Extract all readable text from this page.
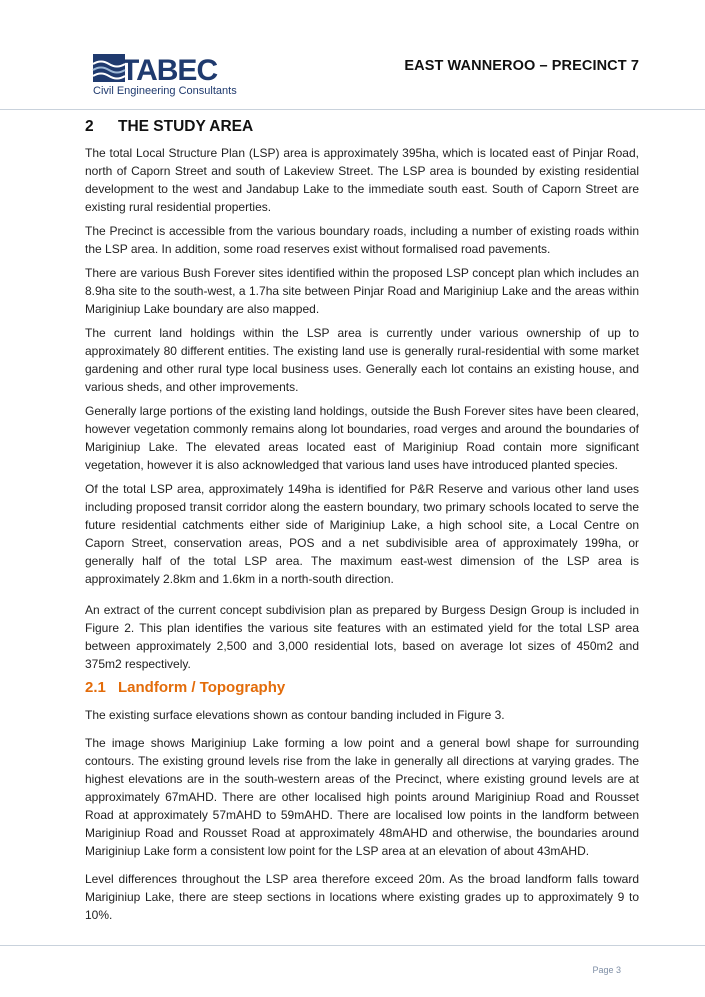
TABEC
Civil Engineering Consultants
EAST WANNEROO – PRECINCT 7
2 THE STUDY AREA

The total Local Structure Plan (LSP) area is approximately 395ha, which is located east of Pinjar Road, north of Caporn Street and south of Lakeview Street. The LSP area is bounded by existing residential development to the west and Jandabup Lake to the immediate south east. South of Caporn Street are existing rural residential properties.

The Precinct is accessible from the various boundary roads, including a number of existing roads within the LSP area. In addition, some road reserves exist without formalised road pavements.

There are various Bush Forever sites identified within the proposed LSP concept plan which includes an 8.9ha site to the south-west, a 1.7ha site between Pinjar Road and Mariginiup Lake and the areas within Mariginiup Lake boundary are also mapped.

The current land holdings within the LSP area is currently under various ownership of up to approximately 80 different entities. The existing land use is generally rural-residential with some market gardening and other rural type local business uses. Generally each lot contains an existing house, and various sheds, and other improvements.

Generally large portions of the existing land holdings, outside the Bush Forever sites have been cleared, however vegetation commonly remains along lot boundaries, road verges and around the boundaries of Mariginiup Lake. The elevated areas located east of Mariginiup Road contain more significant vegetation, however it is also acknowledged that various land uses have introduced planted species.

Of the total LSP area, approximately 149ha is identified for P&R Reserve and various other land uses including proposed transit corridor along the eastern boundary, two primary schools located to serve the future residential catchments either side of Mariginiup Lake, a high school site, a Local Centre on Caporn Street, conservation areas, POS and a net subdivisible area of approximately 199ha, or generally half of the total LSP area. The maximum east-west dimension of the LSP area is approximately 2.8km and 1.6km in a north-south direction.

An extract of the current concept subdivision plan as prepared by Burgess Design Group is included in Figure 2. This plan identifies the various site features with an estimated yield for the total LSP area between approximately 2,500 and 3,000 residential lots, based on average lot sizes of 450m2 and 375m2 respectively.

2.1 Landform / Topography

The existing surface elevations shown as contour banding included in Figure 3.

The image shows Mariginiup Lake forming a low point and a general bowl shape for surrounding contours. The existing ground levels rise from the lake in generally all directions at varying grades. The highest elevations are in the south-western areas of the Precinct, where existing ground levels are at approximately 67mAHD. There are other localised high points around Mariginiup Road and Rousset Road at approximately 57mAHD to 59mAHD. There are localised low points in the landform between Mariginiup Road and Rousset Road at approximately 48mAHD and otherwise, the boundaries around Mariginiup Lake form a consistent low point for the LSP area at an elevation of about 43mAHD.

Level differences throughout the LSP area therefore exceed 20m. As the broad landform falls toward Mariginiup Lake, there are steep sections in locations where existing grades up to approximately 9 to 10%.

Page 3
